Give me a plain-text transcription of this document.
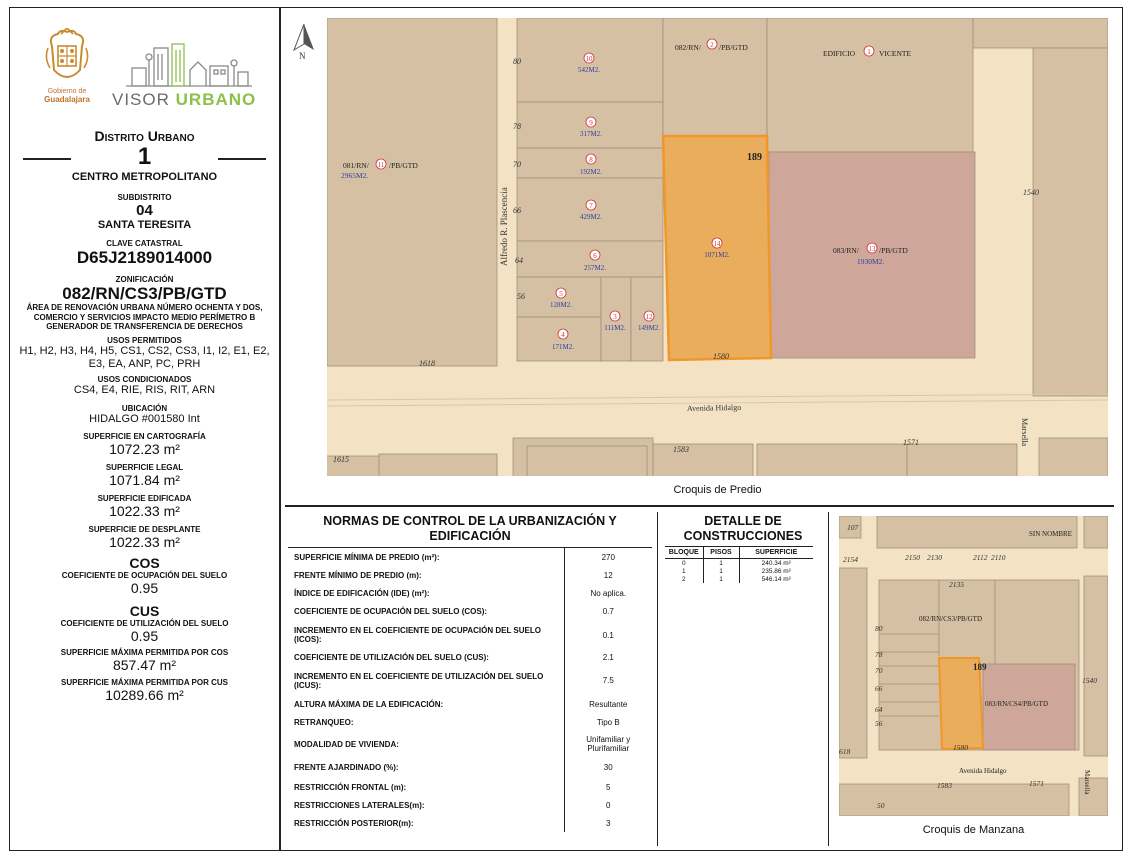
Gobierno de
Guadalajara	VISOR URBANO
Distrito Urbano
1
CENTRO METROPOLITANO
SUBDISTRITO
04
SANTA TERESITA
CLAVE CATASTRAL
D65J2189014000
ZONIFICACIÓN
082/RN/CS3/PB/GTD
ÁREA DE RENOVACIÓN URBANA NÚMERO OCHENTA Y DOS, COMERCIO Y SERVICIOS IMPACTO MEDIO PERÍMETRO B GENERADOR DE TRANSFERENCIA DE DERECHOS
USOS PERMITIDOS
H1, H2, H3, H4, H5, CS1, CS2, CS3, I1, I2, E1, E2, E3, EA, ANP, PC, PRH
USOS CONDICIONADOS
CS4, E4, RIE, RIS, RIT, ARN
UBICACIÓN
HIDALGO #001580 Int
SUPERFICIE EN CARTOGRAFÍA
1072.23 m²
SUPERFICIE LEGAL
1071.84 m²
SUPERFICIE EDIFICADA
1022.33 m²
SUPERFICIE DE DESPLANTE
1022.33 m²
COS
COEFICIENTE DE OCUPACIÓN DEL SUELO
0.95
CUS
COEFICIENTE DE UTILIZACIÓN DEL SUELO
0.95
SUPERFICIE MÁXIMA PERMITIDA POR COS
857.47 m²
SUPERFICIE MÁXIMA PERMITIDA POR CUS
10289.66 m²
N
Avenida Hidalgo
Alfredo R. Plascencia
Marsella
1618
1580
1540
1615
1583
1571
80
78
70
66
64
56
189
081/RN/	/PB/GTD
082/RN/ /PB/GTD
EDIFICIO	VICENTE
083/RN/	/PB/GTD
2965M2.
1930M2.
10
542M2.
9
317M2.
8
192M2.
7
429M2.
6
257M2.
5
128M2.
4
171M2.
3
111M2.
12
149M2.
14
1071M2.
1
13
11
2
Croquis de Predio
NORMAS DE CONTROL DE LA URBANIZACIÓN Y EDIFICACIÓN
SUPERFICIE MÍNIMA DE PREDIO (m²):	270
FRENTE MÍNIMO DE PREDIO (m):	12
ÍNDICE DE EDIFICACIÓN (IDE) (m²):	No aplica.
COEFICIENTE DE OCUPACIÓN DEL SUELO (COS):	0.7
INCREMENTO EN EL COEFICIENTE DE OCUPACIÓN DEL SUELO (ICOS):	0.1
COEFICIENTE DE UTILIZACIÓN DEL SUELO (CUS):	2.1
INCREMENTO EN EL COEFICIENTE DE UTILIZACIÓN DEL SUELO (ICUS):	7.5
ALTURA MÁXIMA DE LA EDIFICACIÓN:	Resultante
RETRANQUEO:	Tipo B
MODALIDAD DE VIVIENDA:	Unifamiliar y Plurifamiliar
FRENTE AJARDINADO (%):	30
RESTRICCIÓN FRONTAL (m):	5
RESTRICCIONES LATERALES(m):	0
RESTRICCIÓN POSTERIOR(m):	3
DETALLE DE CONSTRUCCIONES
BLOQUE	PISOS	SUPERFICIE
0	1	240.34 m²
1	1	235.86 m²
2	1	546.14 m²
SIN NOMBRE
082/RN/CS3/PB/GTD
083/RN/CS4/PB/GTD
Avenida Hidalgo	Marsella
189
2154	2150 2130	2112 2110
2135
107
80
78
70
66
64
56
1540
1580
1583	1571
618
50
Croquis de Manzana
